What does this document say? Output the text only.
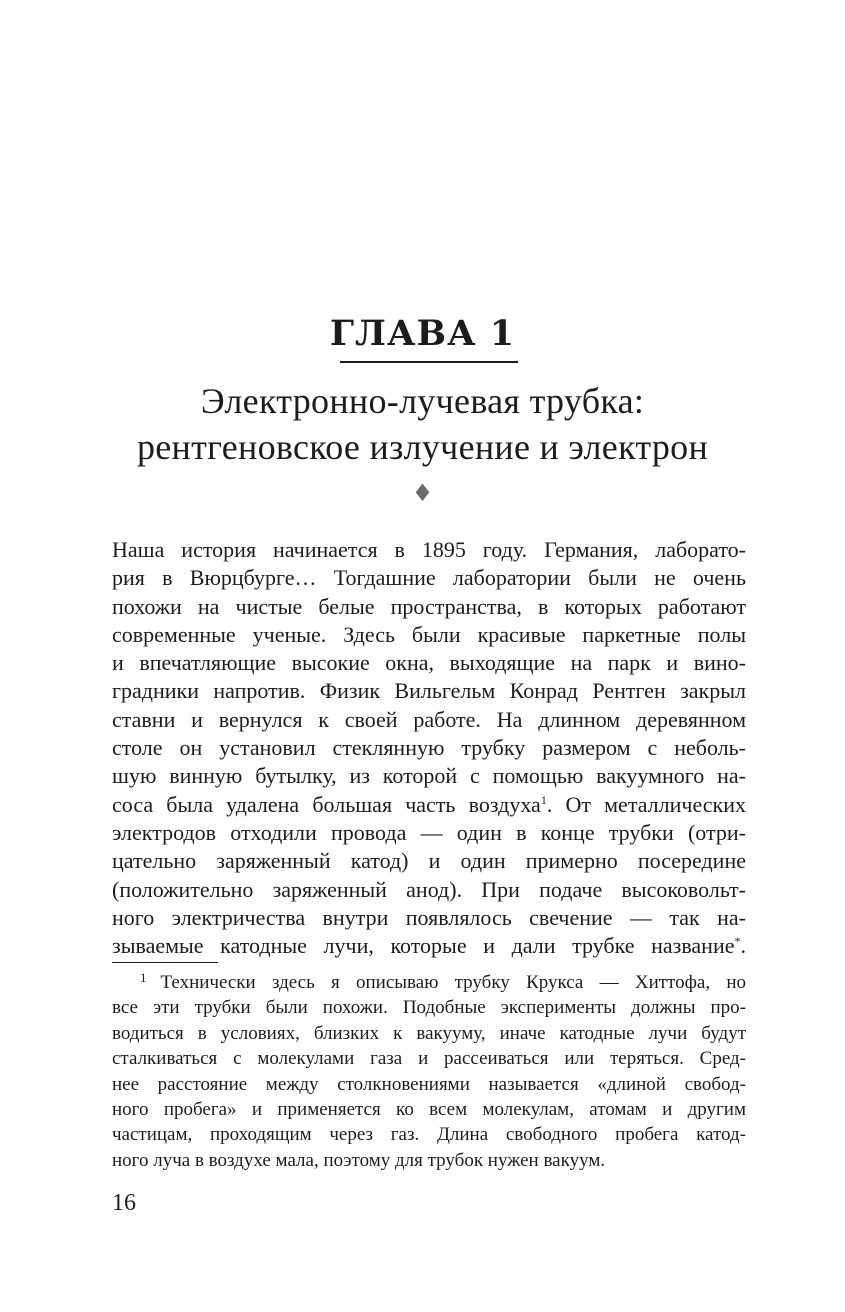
ГЛАВА 1
Электронно-лучевая трубка:
рентгеновское излучение и электрон
♦
Наша история начинается в 1895 году. Германия, лаборато-
рия в Вюрцбурге… Тогдашние лаборатории были не очень
похожи на чистые белые пространства, в которых работают
современные ученые. Здесь были красивые паркетные полы
и впечатляющие высокие окна, выходящие на парк и вино-
градники напротив. Физик Вильгельм Конрад Рентген закрыл
ставни и вернулся к своей работе. На длинном деревянном
столе он установил стеклянную трубку размером с неболь-
шую винную бутылку, из которой с помощью вакуумного на-
соса была удалена большая часть воздуха$^1$. От металлических
электродов отходили провода — один в конце трубки (отри-
цательно заряженный катод) и один примерно посередине
(положительно заряженный анод). При подаче высоковольт-
ного электричества внутри появлялось свечение — так на-
зываемые катодные лучи, которые и дали трубке название*.
$^1$ Технически здесь я описываю трубку Крукса — Хиттофа, но
все эти трубки были похожи. Подобные эксперименты должны про-
водиться в условиях, близких к вакууму, иначе катодные лучи будут
сталкиваться с молекулами газа и рассеиваться или теряться. Сред-
нее расстояние между столкновениями называется «длиной свобод-
ного пробега» и применяется ко всем молекулам, атомам и другим
частицам, проходящим через газ. Длина свободного пробега катод-
ного луча в воздухе мала, поэтому для трубок нужен вакуум.
16
